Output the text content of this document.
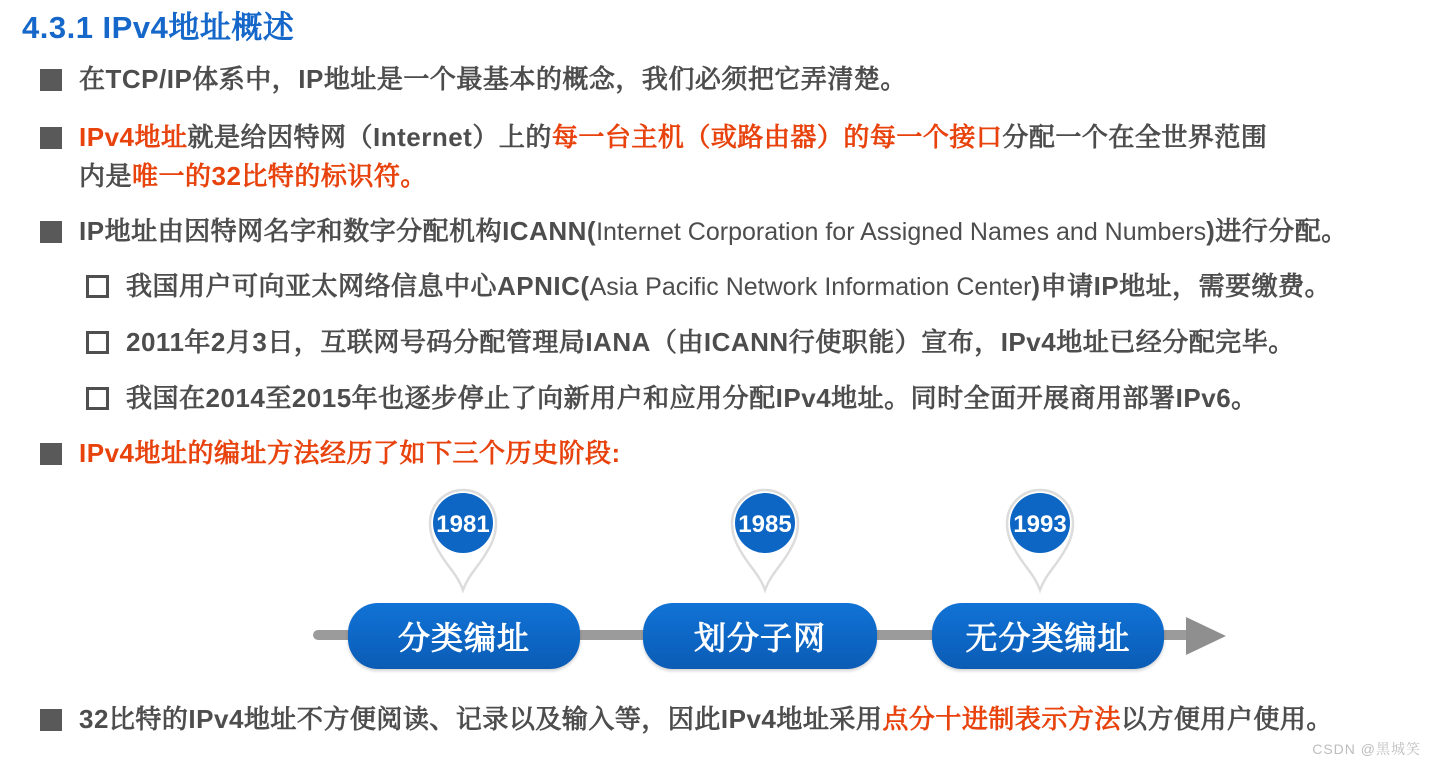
4.3.1 IPv4地址概述
在TCP/IP体系中，IP地址是一个最基本的概念，我们必须把它弄清楚。
IPv4地址就是给因特网（Internet）上的每一台主机（或路由器）的每一个接口分配一个在全世界范围
内是唯一的32比特的标识符。
IP地址由因特网名字和数字分配机构ICANN(Internet Corporation for Assigned Names and Numbers)进行分配。
我国用户可向亚太网络信息中心APNIC(Asia Pacific Network Information Center)申请IP地址，需要缴费。
2011年2月3日，互联网号码分配管理局IANA（由ICANN行使职能）宣布，IPv4地址已经分配完毕。
我国在2014至2015年也逐步停止了向新用户和应用分配IPv4地址。同时全面开展商用部署IPv6。
IPv4地址的编址方法经历了如下三个历史阶段:
1981	1985	1993
分类编址	划分子网	无分类编址
32比特的IPv4地址不方便阅读、记录以及输入等，因此IPv4地址采用点分十进制表示方法以方便用户使用。
CSDN @黑城笑
